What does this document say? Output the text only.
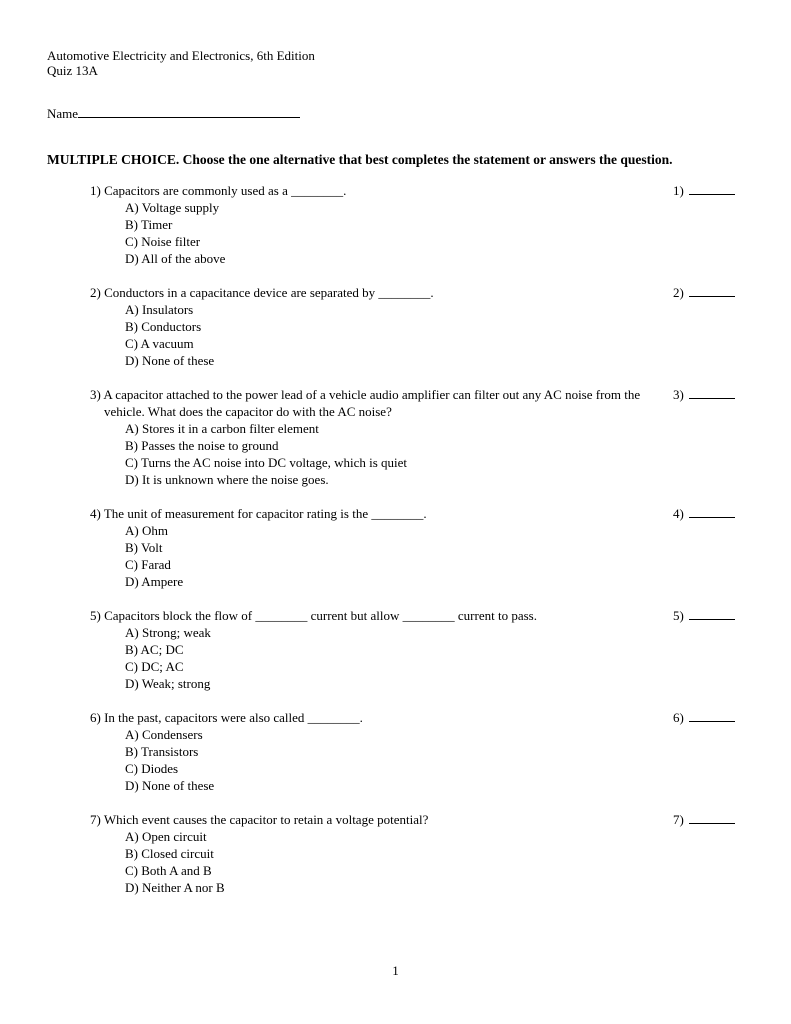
Automotive Electricity and Electronics, 6th Edition
Quiz 13A
Name
MULTIPLE CHOICE. Choose the one alternative that best completes the statement or answers the question.
1) Capacitors are commonly used as a ________.
A) Voltage supply
B) Timer
C) Noise filter
D) All of the above
1)
2) Conductors in a capacitance device are separated by ________.
A) Insulators
B) Conductors
C) A vacuum
D) None of these
2)
3) A capacitor attached to the power lead of a vehicle audio amplifier can filter out any AC noise from the vehicle. What does the capacitor do with the AC noise?
A) Stores it in a carbon filter element
B) Passes the noise to ground
C) Turns the AC noise into DC voltage, which is quiet
D) It is unknown where the noise goes.
3)
4) The unit of measurement for capacitor rating is the ________.
A) Ohm
B) Volt
C) Farad
D) Ampere
4)
5) Capacitors block the flow of ________ current but allow ________ current to pass.
A) Strong; weak
B) AC; DC
C) DC; AC
D) Weak; strong
5)
6) In the past, capacitors were also called ________.
A) Condensers
B) Transistors
C) Diodes
D) None of these
6)
7) Which event causes the capacitor to retain a voltage potential?
A) Open circuit
B) Closed circuit
C) Both A and B
D) Neither A nor B
7)
1
